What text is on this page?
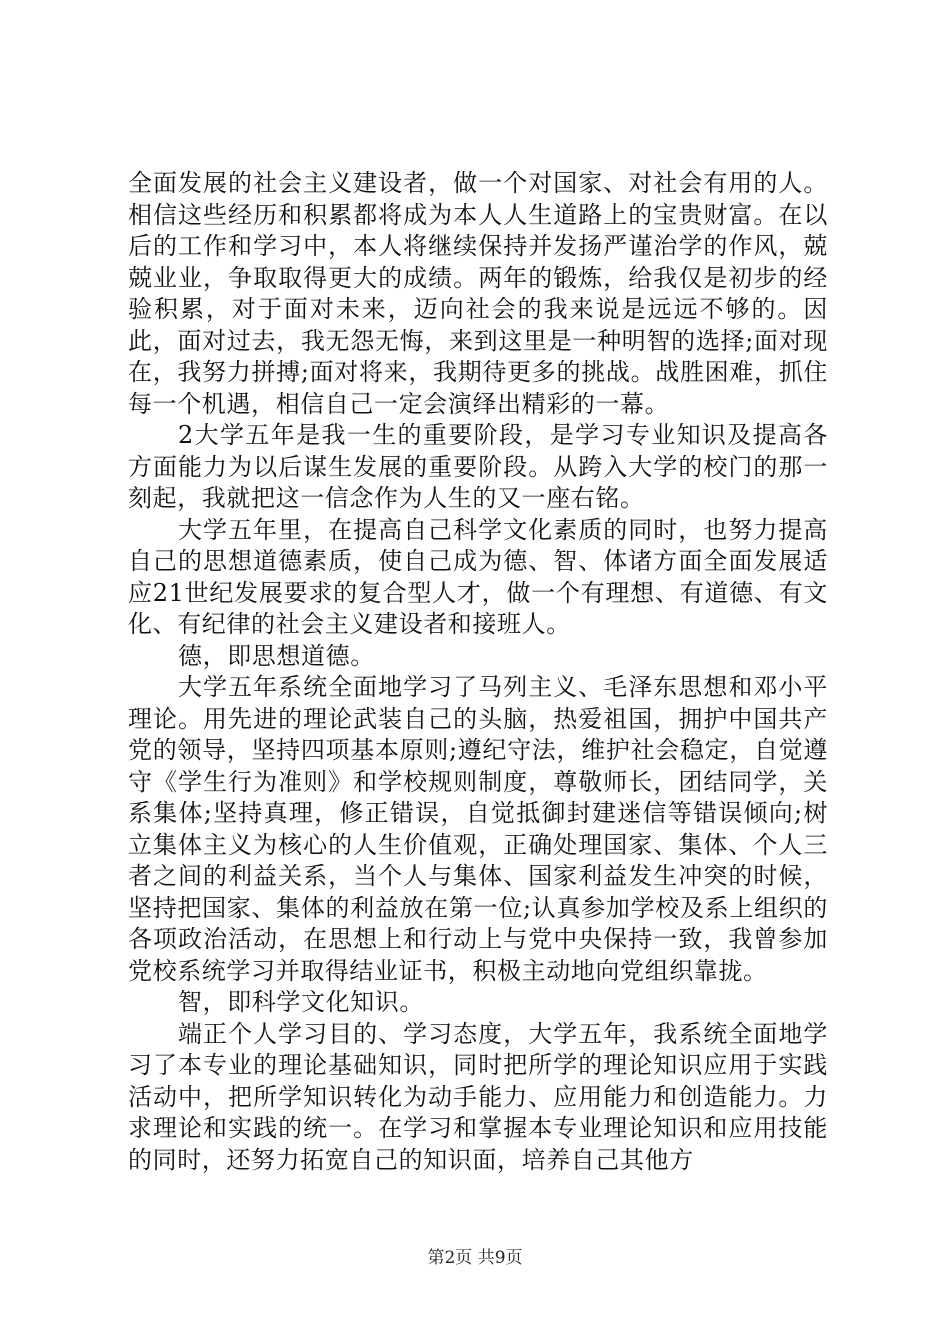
全面发展的社会主义建设者，做一个对国家、对社会有用的人。相信这些经历和积累都将成为本人人生道路上的宝贵财富。在以后的工作和学习中，本人将继续保持并发扬严谨治学的作风，兢兢业业，争取取得更大的成绩。两年的锻炼，给我仅是初步的经验积累，对于面对未来，迈向社会的我来说是远远不够的。因此，面对过去，我无怨无悔，来到这里是一种明智的选择;面对现在，我努力拼搏;面对将来，我期待更多的挑战。战胜困难，抓住每一个机遇，相信自己一定会演绎出精彩的一幕。

2大学五年是我一生的重要阶段，是学习专业知识及提高各方面能力为以后谋生发展的重要阶段。从跨入大学的校门的那一刻起，我就把这一信念作为人生的又一座右铭。

大学五年里，在提高自己科学文化素质的同时，也努力提高自己的思想道德素质，使自己成为德、智、体诸方面全面发展适应21世纪发展要求的复合型人才，做一个有理想、有道德、有文化、有纪律的社会主义建设者和接班人。

德，即思想道德。

大学五年系统全面地学习了马列主义、毛泽东思想和邓小平理论。用先进的理论武装自己的头脑，热爱祖国，拥护中国共产党的领导，坚持四项基本原则;遵纪守法，维护社会稳定，自觉遵守《学生行为准则》和学校规则制度，尊敬师长，团结同学，关系集体;坚持真理，修正错误，自觉抵御封建迷信等错误倾向;树立集体主义为核心的人生价值观，正确处理国家、集体、个人三者之间的利益关系，当个人与集体、国家利益发生冲突的时候，坚持把国家、集体的利益放在第一位;认真参加学校及系上组织的各项政治活动，在思想上和行动上与党中央保持一致，我曾参加党校系统学习并取得结业证书，积极主动地向党组织靠拢。

智，即科学文化知识。

端正个人学习目的、学习态度，大学五年，我系统全面地学习了本专业的理论基础知识，同时把所学的理论知识应用于实践活动中，把所学知识转化为动手能力、应用能力和创造能力。力求理论和实践的统一。在学习和掌握本专业理论知识和应用技能的同时，还努力拓宽自己的知识面，培养自己其他方

第2页 共9页
